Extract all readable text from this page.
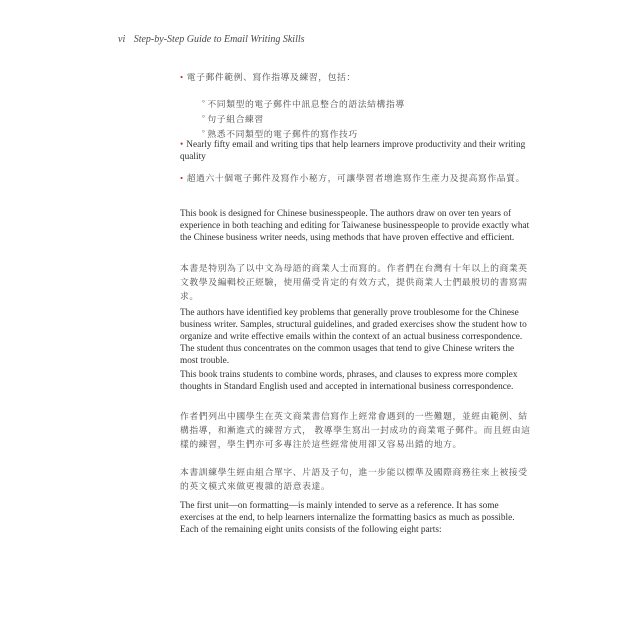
vi Step-by-Step Guide to Email Writing Skills
• 電子郵件範例、寫作指導及練習，包括：
° 不同類型的電子郵件中訊息整合的語法結構指導
° 句子組合練習
° 熟悉不同類型的電子郵件的寫作技巧

• Nearly fifty email and writing tips that help learners improve productivity and their writing quality

• 超過六十個電子郵件及寫作小秘方，可讓學習者增進寫作生產力及提高寫作品質。

This book is designed for Chinese businesspeople. The authors draw on over ten years of experience in both teaching and editing for Taiwanese businesspeople to provide exactly what the Chinese business writer needs, using methods that have proven effective and efficient.

本書是特別為了以中文為母語的商業人士而寫的。作者們在台灣有十年以上的商業英文教學及編輯校正經驗，使用備受肯定的有效方式，提供商業人士們最殷切的書寫需求。

The authors have identified key problems that generally prove troublesome for the Chinese business writer. Samples, structural guidelines, and graded exercises show the student how to organize and write effective emails within the context of an actual business correspondence. The student thus concentrates on the common usages that tend to give Chinese writers the most trouble.

This book trains students to combine words, phrases, and clauses to express more complex thoughts in Standard English used and accepted in international business correspondence.

作者們列出中國學生在英文商業書信寫作上經常會遇到的一些難題，並經由範例、結構指導，和漸進式的練習方式， 教導學生寫出一封成功的商業電子郵件。而且經由這樣的練習，學生們亦可多專注於這些經常使用卻又容易出錯的地方。

本書訓練學生經由組合單字、片語及子句，進一步能以標準及國際商務往來上被接受的英文模式來做更複雜的語意表達。

The first unit—on formatting—is mainly intended to serve as a reference. It has some exercises at the end, to help learners internalize the formatting basics as much as possible. Each of the remaining eight units consists of the following eight parts:
